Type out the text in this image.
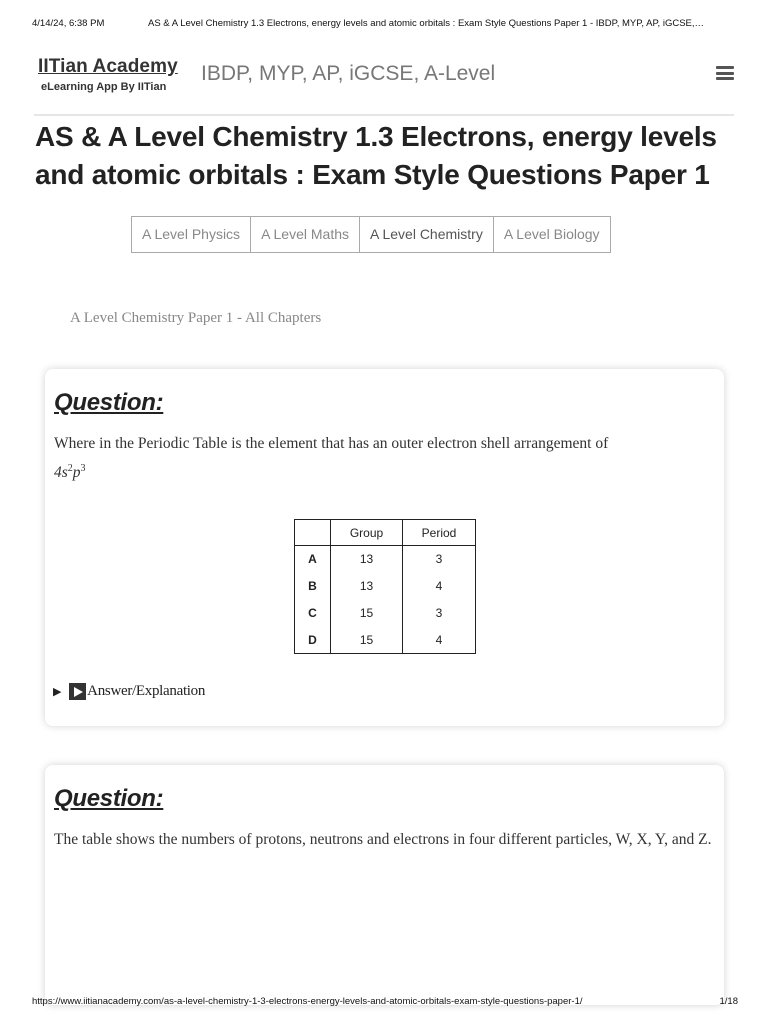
4/14/24, 6:38 PM	AS & A Level Chemistry 1.3 Electrons, energy levels and atomic orbitals : Exam Style Questions Paper 1 - IBDP, MYP, AP, iGCSE,…
IITian Academy
eLearning App By IITian
IBDP, MYP, AP, iGCSE, A-Level
AS & A Level Chemistry 1.3 Electrons, energy levels and atomic orbitals : Exam Style Questions Paper 1
A Level Physics	A Level Maths	A Level Chemistry	A Level Biology
A Level Chemistry Paper 1 - All Chapters
Question:

Where in the Periodic Table is the element that has an outer electron shell arrangement of
$4s^2p^3$

	Group	Period
A	13	3
B	13	4
C	15	3
D	15	4
▶ Answer/Explanation
Question:

The table shows the numbers of protons, neutrons and electrons in four different particles, W, X, Y, and Z.

https://www.iitianacademy.com/as-a-level-chemistry-1-3-electrons-energy-levels-and-atomic-orbitals-exam-style-questions-paper-1/	1/18
